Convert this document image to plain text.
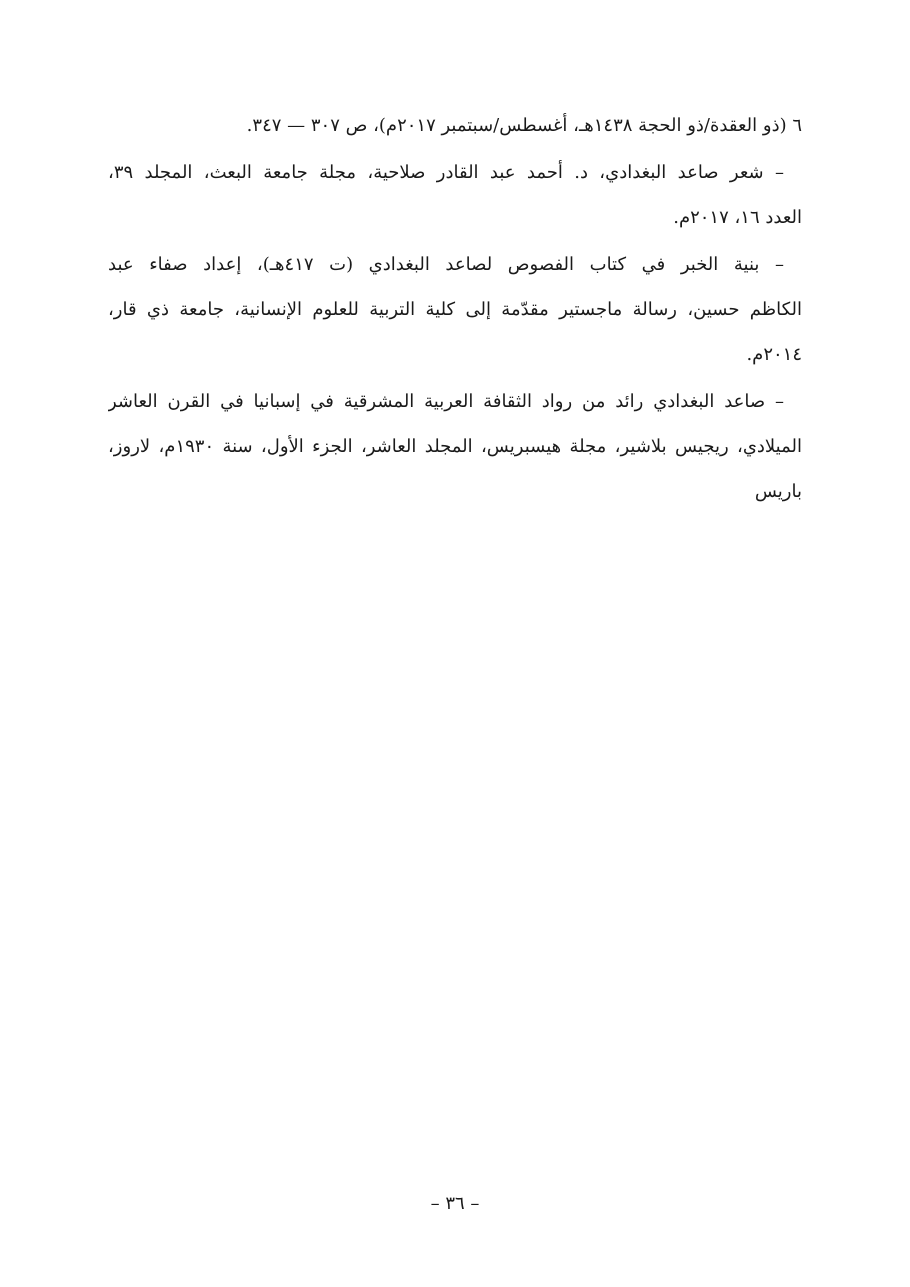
٦ (ذو العقدة/ذو الحجة ١٤٣٨هـ، أغسطس/سبتمبر ٢٠١٧م)، ص ٣٠٧ — ٣٤٧.
– شعر صاعد البغدادي، د. أحمد عبد القادر صلاحية، مجلة جامعة البعث، المجلد ٣٩،
العدد ١٦، ٢٠١٧م.
– بنية الخبر في كتاب الفصوص لصاعد البغدادي (ت ٤١٧هـ)، إعداد صفاء عبد
الكاظم حسين، رسالة ماجستير مقدّمة إلى كلية التربية للعلوم الإنسانية، جامعة ذي قار،
٢٠١٤م.
– صاعد البغدادي رائد من رواد الثقافة العربية المشرقية في إسبانيا في القرن العاشر
الميلادي، ريجيس بلاشير، مجلة هيسبريس، المجلد العاشر، الجزء الأول، سنة ١٩٣٠م، لاروز،
باريس
– ٣٦ –
